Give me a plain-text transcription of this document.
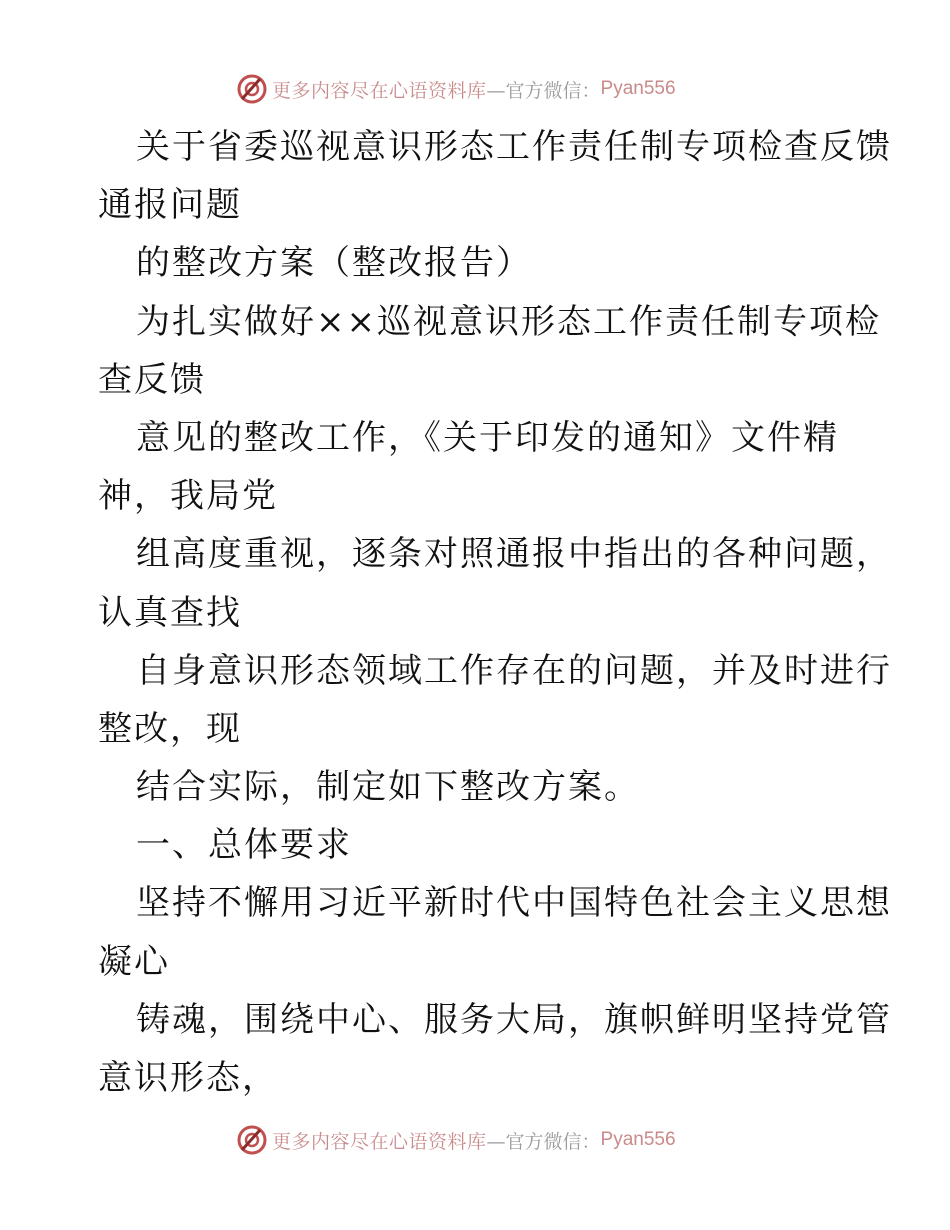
更多内容尽在心语资料库 —官方微信： Pyan556
关于省委巡视意识形态工作责任制专项检查反馈
通报问题
的整改方案（整改报告）
为扎实做好××巡视意识形态工作责任制专项检
查反馈
意见的整改工作，《关于印发的通知》文件精
神，我局党
组高度重视，逐条对照通报中指出的各种问题，
认真查找
自身意识形态领域工作存在的问题，并及时进行
整改，现
结合实际，制定如下整改方案。
一、总体要求
坚持不懈用习近平新时代中国特色社会主义思想
凝心
铸魂，围绕中心、服务大局，旗帜鲜明坚持党管
意识形态，
更多内容尽在心语资料库 —官方微信： Pyan556
